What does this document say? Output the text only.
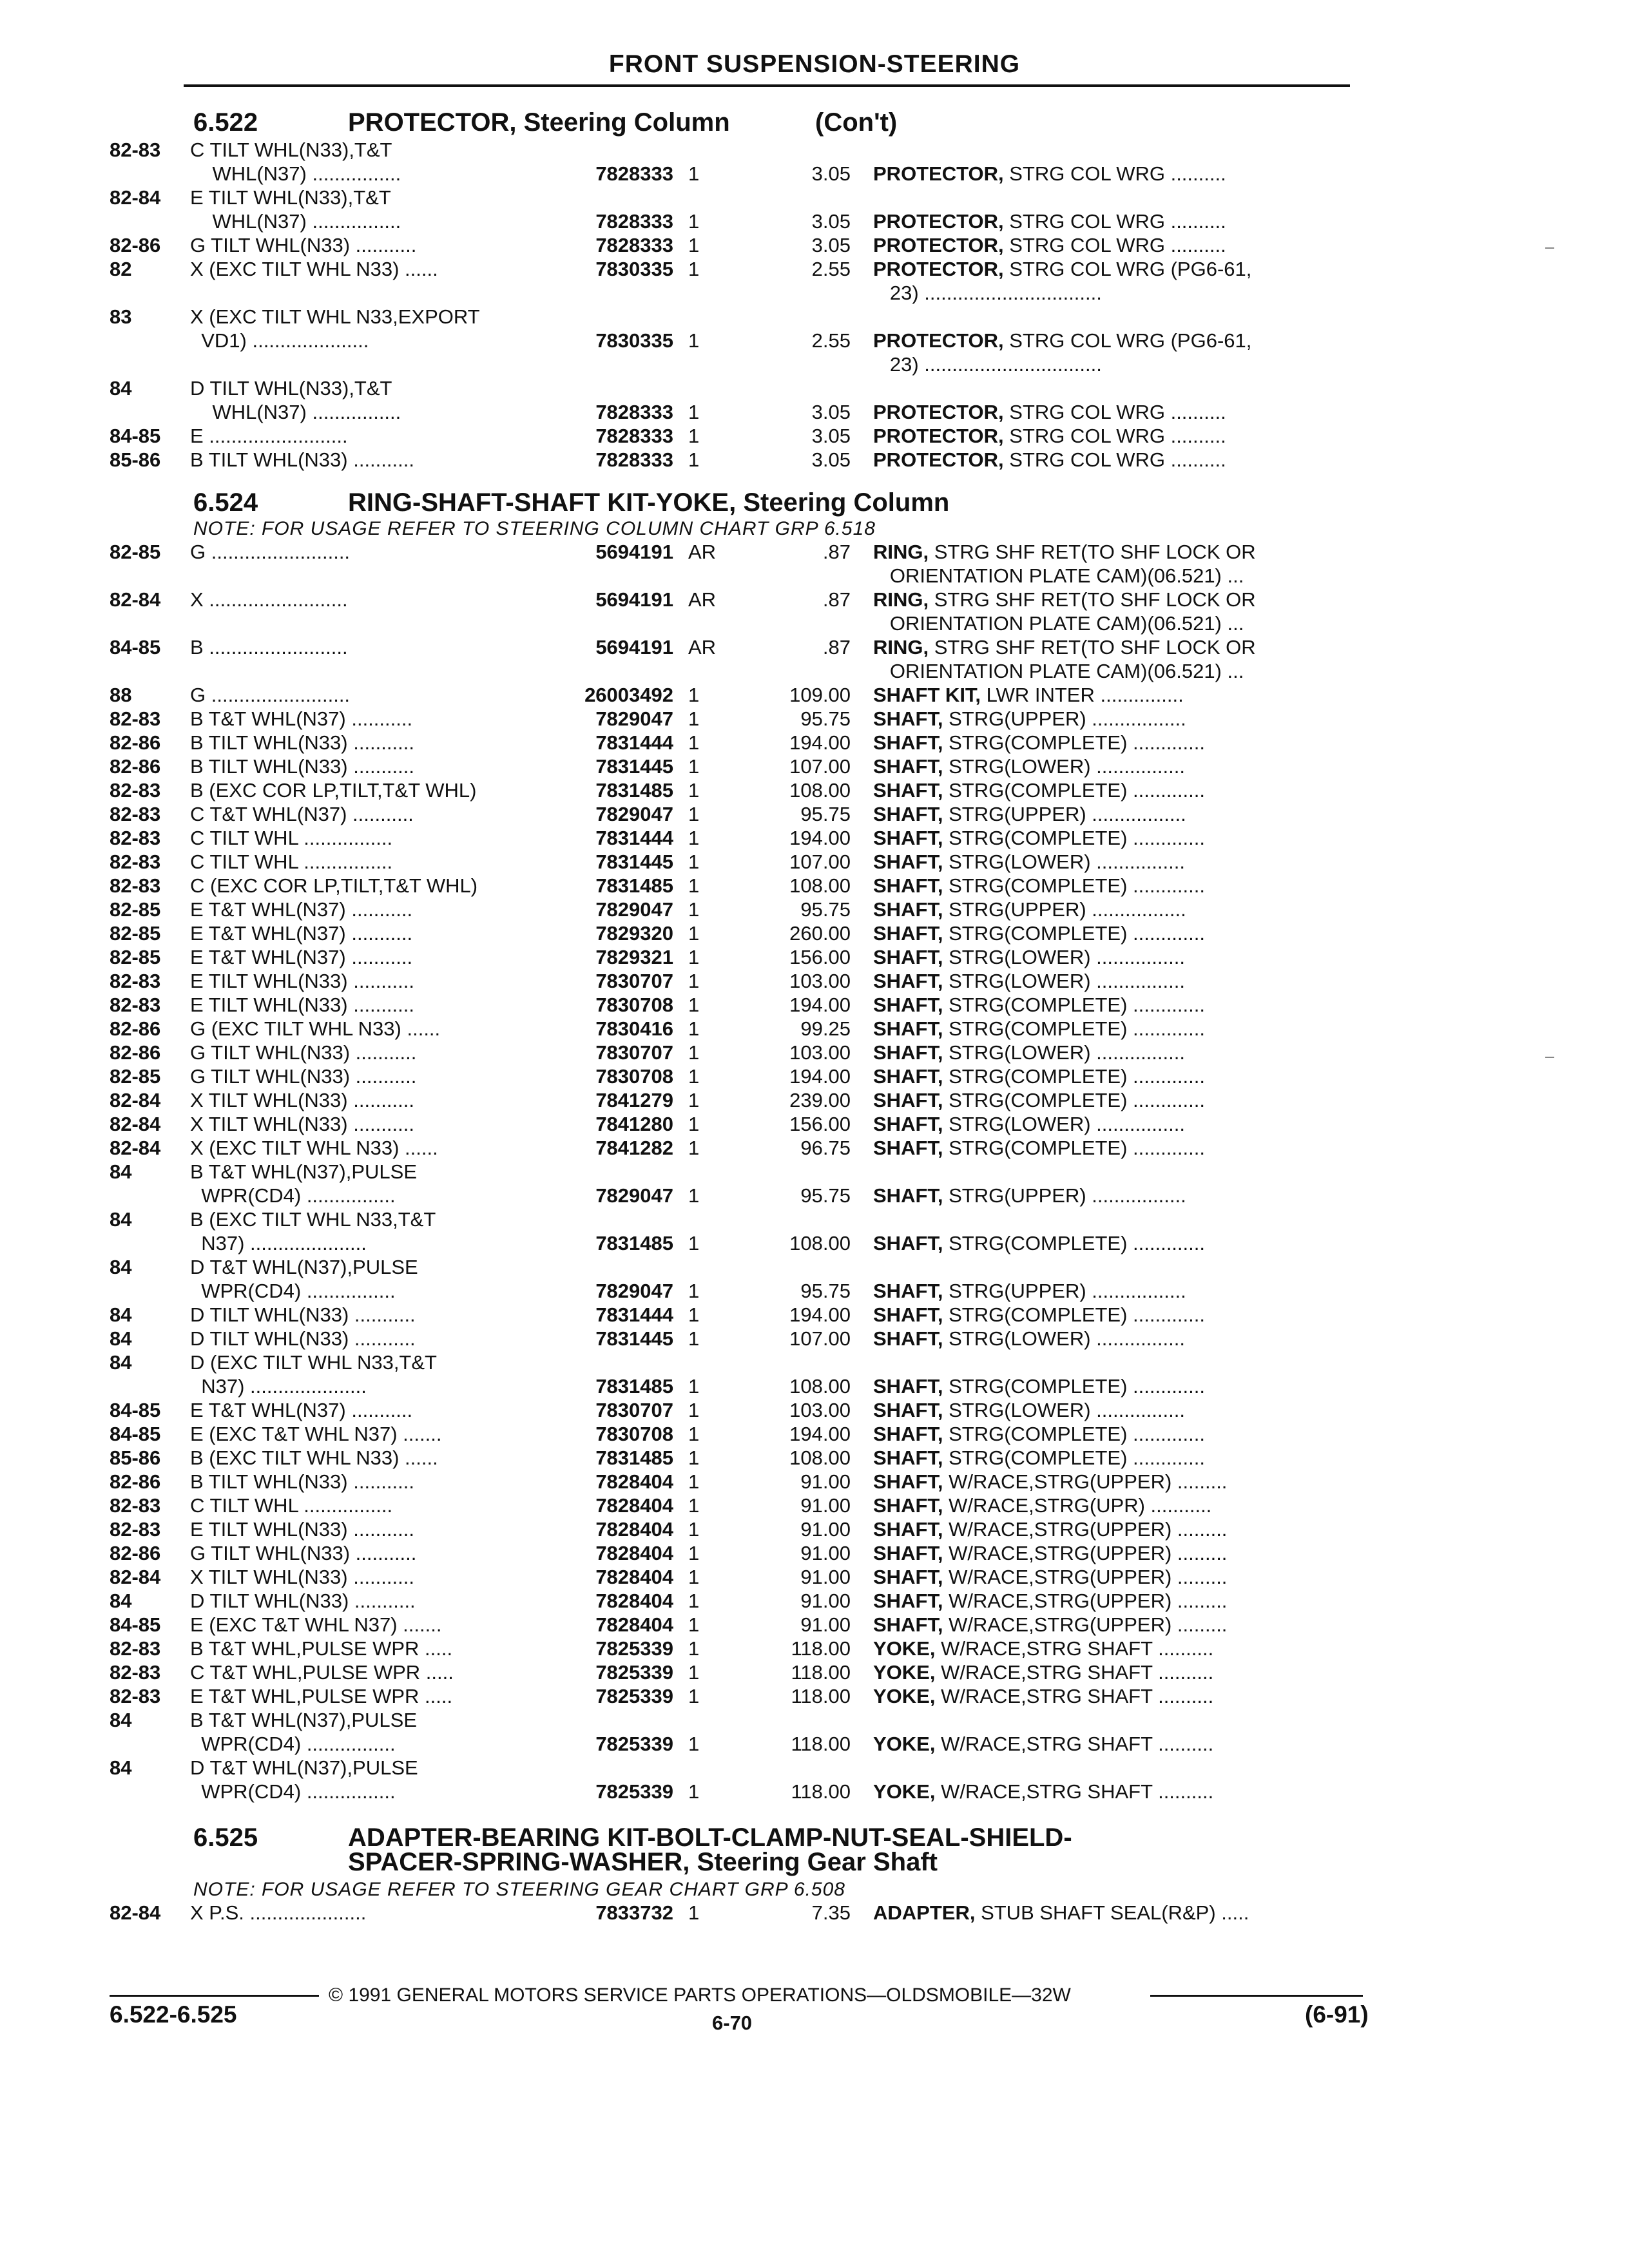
FRONT SUSPENSION-STEERING
6.522	PROTECTOR, Steering Column	(Con't)
82-83 C TILT WHL(N33),T&T
WHL(N37) ................	7828333 1	3.05 PROTECTOR, STRG COL WRG ..........
82-84 E TILT WHL(N33),T&T
WHL(N37) ................	7828333 1	3.05 PROTECTOR, STRG COL WRG ..........
82-86 G TILT WHL(N33) ...........	7828333 1	3.05 PROTECTOR, STRG COL WRG ..........
82	X (EXC TILT WHL N33) ......	7830335 1	2.55 PROTECTOR, STRG COL WRG (PG6-61,
23) ................................
83	X (EXC TILT WHL N33,EXPORT
VD1) .....................	7830335 1	2.55 PROTECTOR, STRG COL WRG (PG6-61,
23) ................................
84	D TILT WHL(N33),T&T
WHL(N37) ................	7828333 1	3.05 PROTECTOR, STRG COL WRG ..........
84-85 E .........................	7828333 1	3.05 PROTECTOR, STRG COL WRG ..........
85-86 B TILT WHL(N33) ...........	7828333 1	3.05 PROTECTOR, STRG COL WRG ..........
6.524	RING-SHAFT-SHAFT KIT-YOKE, Steering Column
NOTE: FOR USAGE REFER TO STEERING COLUMN CHART GRP 6.518
82-85 G .........................	5694191 AR	.87 RING, STRG SHF RET(TO SHF LOCK OR
ORIENTATION PLATE CAM)(06.521) ...
82-84 X .........................	5694191 AR	.87 RING, STRG SHF RET(TO SHF LOCK OR
ORIENTATION PLATE CAM)(06.521) ...
84-85 B .........................	5694191 AR	.87 RING, STRG SHF RET(TO SHF LOCK OR
ORIENTATION PLATE CAM)(06.521) ...
88	G .........................	26003492 1	109.00 SHAFT KIT, LWR INTER ...............
82-83 B T&T WHL(N37) ...........	7829047 1	95.75 SHAFT, STRG(UPPER) .................
82-86 B TILT WHL(N33) ...........	7831444 1	194.00 SHAFT, STRG(COMPLETE) .............
82-86 B TILT WHL(N33) ...........	7831445 1	107.00 SHAFT, STRG(LOWER) ................
82-83 B (EXC COR LP,TILT,T&T WHL)	7831485 1	108.00 SHAFT, STRG(COMPLETE) .............
82-83 C T&T WHL(N37) ...........	7829047 1	95.75 SHAFT, STRG(UPPER) .................
82-83 C TILT WHL ................	7831444 1	194.00 SHAFT, STRG(COMPLETE) .............
82-83 C TILT WHL ................	7831445 1	107.00 SHAFT, STRG(LOWER) ................
82-83 C (EXC COR LP,TILT,T&T WHL)	7831485 1	108.00 SHAFT, STRG(COMPLETE) .............
82-85 E T&T WHL(N37) ...........	7829047 1	95.75 SHAFT, STRG(UPPER) .................
82-85 E T&T WHL(N37) ...........	7829320 1	260.00 SHAFT, STRG(COMPLETE) .............
82-85 E T&T WHL(N37) ...........	7829321 1	156.00 SHAFT, STRG(LOWER) ................
82-83 E TILT WHL(N33) ...........	7830707 1	103.00 SHAFT, STRG(LOWER) ................
82-83 E TILT WHL(N33) ...........	7830708 1	194.00 SHAFT, STRG(COMPLETE) .............
82-86 G (EXC TILT WHL N33) ......	7830416 1	99.25 SHAFT, STRG(COMPLETE) .............
82-86 G TILT WHL(N33) ...........	7830707 1	103.00 SHAFT, STRG(LOWER) ................
82-85 G TILT WHL(N33) ...........	7830708 1	194.00 SHAFT, STRG(COMPLETE) .............
82-84 X TILT WHL(N33) ...........	7841279 1	239.00 SHAFT, STRG(COMPLETE) .............
82-84 X TILT WHL(N33) ...........	7841280 1	156.00 SHAFT, STRG(LOWER) ................
82-84 X (EXC TILT WHL N33) ......	7841282 1	96.75 SHAFT, STRG(COMPLETE) .............
84	B T&T WHL(N37),PULSE
WPR(CD4) ................	7829047 1	95.75 SHAFT, STRG(UPPER) .................
84	B (EXC TILT WHL N33,T&T
N37) .....................	7831485 1	108.00 SHAFT, STRG(COMPLETE) .............
84	D T&T WHL(N37),PULSE
WPR(CD4) ................	7829047 1	95.75 SHAFT, STRG(UPPER) .................
84	D TILT WHL(N33) ...........	7831444 1	194.00 SHAFT, STRG(COMPLETE) .............
84	D TILT WHL(N33) ...........	7831445 1	107.00 SHAFT, STRG(LOWER) ................
84	D (EXC TILT WHL N33,T&T
N37) .....................	7831485 1	108.00 SHAFT, STRG(COMPLETE) .............
84-85 E T&T WHL(N37) ...........	7830707 1	103.00 SHAFT, STRG(LOWER) ................
84-85 E (EXC T&T WHL N37) .......	7830708 1	194.00 SHAFT, STRG(COMPLETE) .............
85-86 B (EXC TILT WHL N33) ......	7831485 1	108.00 SHAFT, STRG(COMPLETE) .............
82-86 B TILT WHL(N33) ...........	7828404 1	91.00 SHAFT, W/RACE,STRG(UPPER) .........
82-83 C TILT WHL ................	7828404 1	91.00 SHAFT, W/RACE,STRG(UPR) ...........
82-83 E TILT WHL(N33) ...........	7828404 1	91.00 SHAFT, W/RACE,STRG(UPPER) .........
82-86 G TILT WHL(N33) ...........	7828404 1	91.00 SHAFT, W/RACE,STRG(UPPER) .........
82-84 X TILT WHL(N33) ...........	7828404 1	91.00 SHAFT, W/RACE,STRG(UPPER) .........
84	D TILT WHL(N33) ...........	7828404 1	91.00 SHAFT, W/RACE,STRG(UPPER) .........
84-85 E (EXC T&T WHL N37) .......	7828404 1	91.00 SHAFT, W/RACE,STRG(UPPER) .........
82-83 B T&T WHL,PULSE WPR .....	7825339 1	118.00 YOKE, W/RACE,STRG SHAFT ..........
82-83 C T&T WHL,PULSE WPR .....	7825339 1	118.00 YOKE, W/RACE,STRG SHAFT ..........
82-83 E T&T WHL,PULSE WPR .....	7825339 1	118.00 YOKE, W/RACE,STRG SHAFT ..........
84	B T&T WHL(N37),PULSE
WPR(CD4) ................	7825339 1	118.00 YOKE, W/RACE,STRG SHAFT ..........
84	D T&T WHL(N37),PULSE
WPR(CD4) ................	7825339 1	118.00 YOKE, W/RACE,STRG SHAFT ..........
6.525	ADAPTER-BEARING KIT-BOLT-CLAMP-NUT-SEAL-SHIELD-
SPACER-SPRING-WASHER, Steering Gear Shaft
NOTE: FOR USAGE REFER TO STEERING GEAR CHART GRP 6.508
82-84 X P.S. .....................	7833732 1	7.35 ADAPTER, STUB SHAFT SEAL(R&P) .....
© 1991 GENERAL MOTORS SERVICE PARTS OPERATIONS—OLDSMOBILE—32W
6.522-6.525	6-70	(6-91)
